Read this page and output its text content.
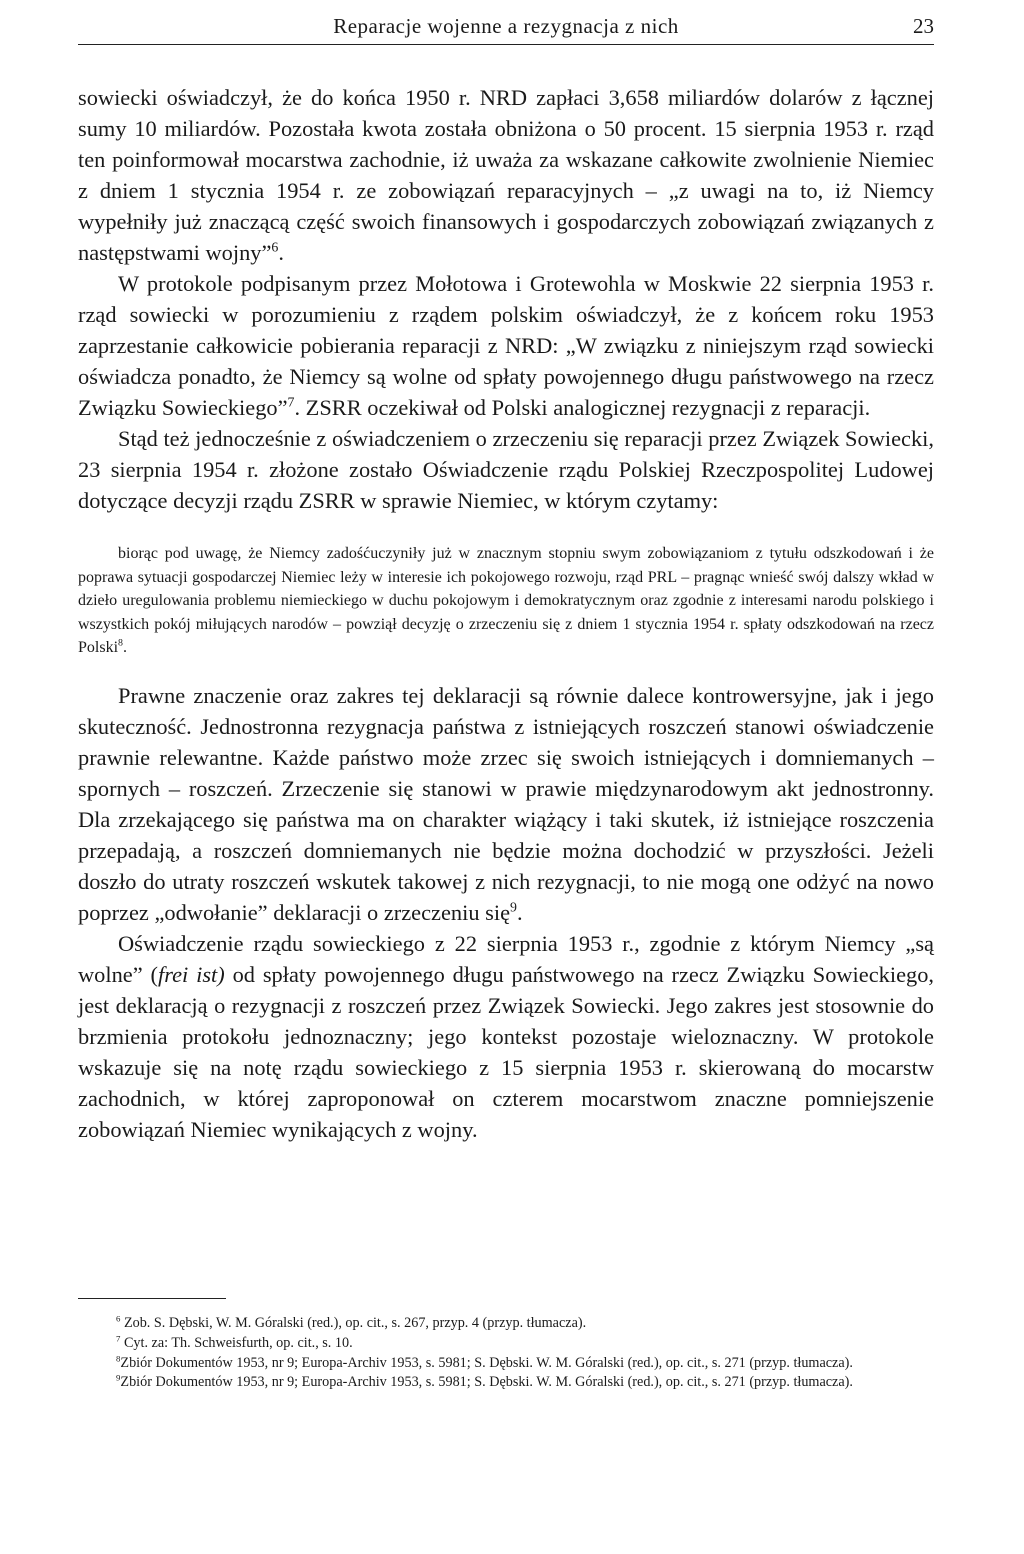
Reparacje wojenne a rezygnacja z nich	23

sowiecki oświadczył, że do końca 1950 r. NRD zapłaci 3,658 miliardów dolarów z łącznej sumy 10 miliardów. Pozostała kwota została obniżona o 50 procent. 15 sierpnia 1953 r. rząd ten poinformował mocarstwa zachodnie, iż uważa za wskazane całkowite zwolnienie Niemiec z dniem 1 stycznia 1954 r. ze zobowiązań reparacyjnych – „z uwagi na to, iż Niemcy wypełniły już znaczącą część swoich finansowych i gospodarczych zobowiązań związanych z następstwami wojny”$^6$.

W protokole podpisanym przez Mołotowa i Grotewohla w Moskwie 22 sierpnia 1953 r. rząd sowiecki w porozumieniu z rządem polskim oświadczył, że z końcem roku 1953 zaprzestanie całkowicie pobierania reparacji z NRD: „W związku z niniejszym rząd sowiecki oświadcza ponadto, że Niemcy są wolne od spłaty powojennego długu państwowego na rzecz Związku Sowieckiego”$^7$. ZSRR oczekiwał od Polski analogicznej rezygnacji z reparacji.

Stąd też jednocześnie z oświadczeniem o zrzeczeniu się reparacji przez Związek Sowiecki, 23 sierpnia 1954 r. złożone zostało Oświadczenie rządu Polskiej Rzeczpospolitej Ludowej dotyczące decyzji rządu ZSRR w sprawie Niemiec, w którym czytamy:

biorąc pod uwagę, że Niemcy zadośćuczyniły już w znacznym stopniu swym zobowiązaniom z tytułu odszkodowań i że poprawa sytuacji gospodarczej Niemiec leży w interesie ich pokojowego rozwoju, rząd PRL – pragnąc wnieść swój dalszy wkład w dzieło uregulowania problemu niemieckiego w duchu pokojowym i demokratycznym oraz zgodnie z interesami narodu polskiego i wszystkich pokój miłujących narodów – powziął decyzję o zrzeczeniu się z dniem 1 stycznia 1954 r. spłaty odszkodowań na rzecz Polski$^8$.

Prawne znaczenie oraz zakres tej deklaracji są równie dalece kontrowersyjne, jak i jego skuteczność. Jednostronna rezygnacja państwa z istniejących roszczeń stanowi oświadczenie prawnie relewantne. Każde państwo może zrzec się swoich istniejących i domniemanych – spornych – roszczeń. Zrzeczenie się stanowi w prawie międzynarodowym akt jednostronny. Dla zrzekającego się państwa ma on charakter wiążący i taki skutek, iż istniejące roszczenia przepadają, a roszczeń domniemanych nie będzie można dochodzić w przyszłości. Jeżeli doszło do utraty roszczeń wskutek takowej z nich rezygnacji, to nie mogą one odżyć na nowo poprzez „odwołanie” deklaracji o zrzeczeniu się$^9$.

Oświadczenie rządu sowieckiego z 22 sierpnia 1953 r., zgodnie z którym Niemcy „są wolne” (frei ist) od spłaty powojennego długu państwowego na rzecz Związku Sowieckiego, jest deklaracją o rezygnacji z roszczeń przez Związek Sowiecki. Jego zakres jest stosownie do brzmienia protokołu jednoznaczny; jego kontekst pozostaje wieloznaczny. W protokole wskazuje się na notę rządu sowieckiego z 15 sierpnia 1953 r. skierowaną do mocarstw zachodnich, w której zaproponował on czterem mocarstwom znaczne pomniejszenie zobowiązań Niemiec wynikających z wojny.

$^6$ Zob. S. Dębski, W. M. Góralski (red.), op. cit., s. 267, przyp. 4 (przyp. tłumacza).

$^7$ Cyt. za: Th. Schweisfurth, op. cit., s. 10.

$^8$Zbiór Dokumentów 1953, nr 9; Europa-Archiv 1953, s. 5981; S. Dębski. W. M. Góralski (red.), op. cit., s. 271 (przyp. tłumacza).

$^9$Zbiór Dokumentów 1953, nr 9; Europa-Archiv 1953, s. 5981; S. Dębski. W. M. Góralski (red.), op. cit., s. 271 (przyp. tłumacza).
